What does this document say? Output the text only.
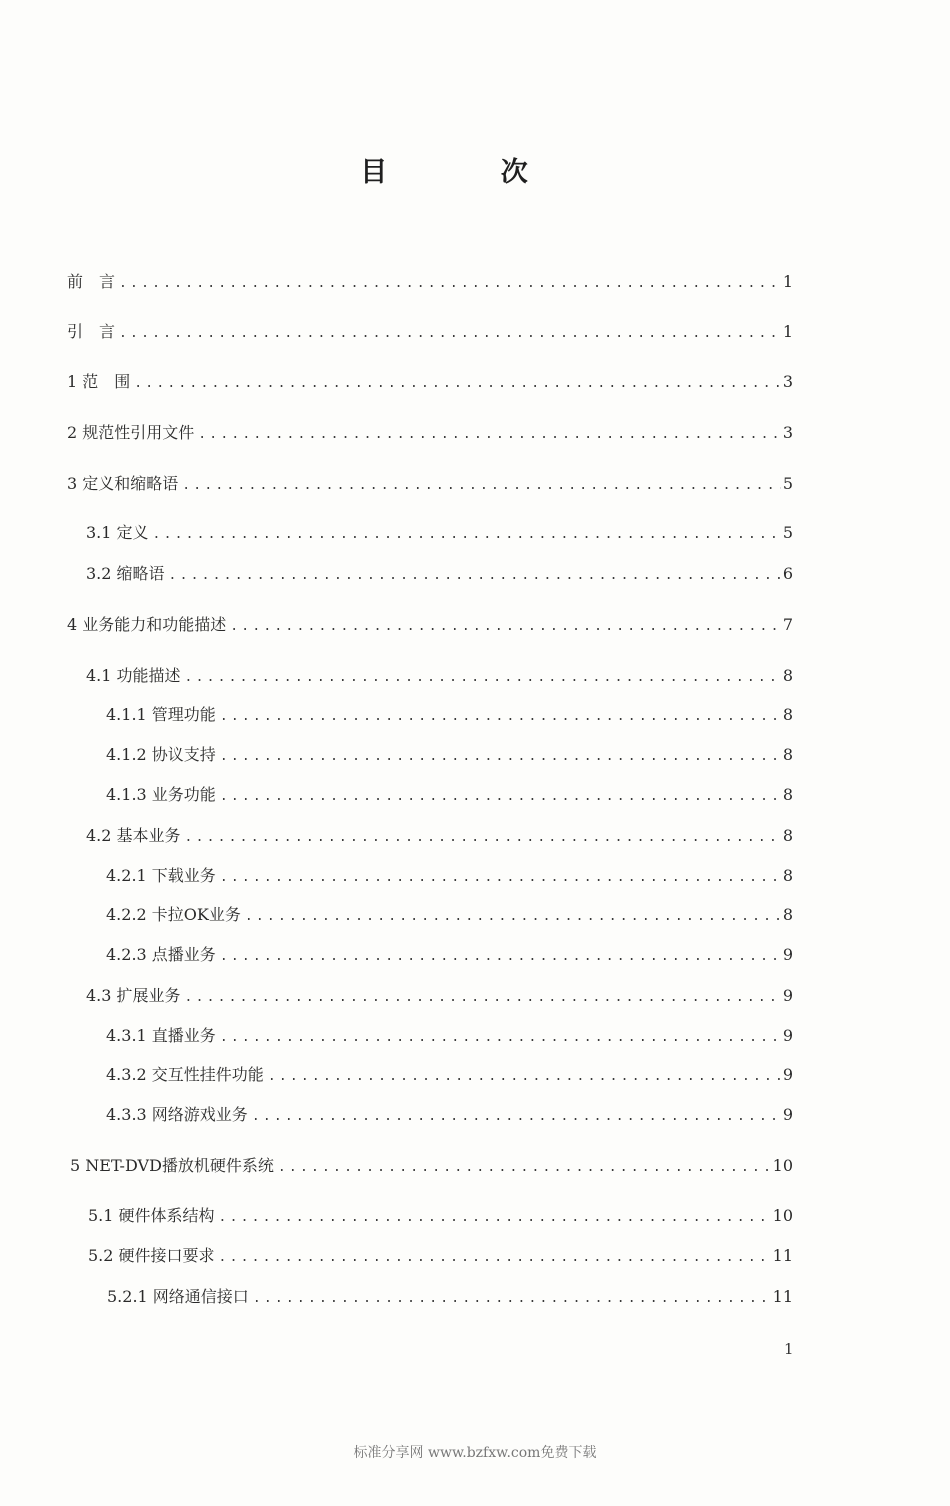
目 次
前　言 .....	1
引　言 .....	1
1 范　围 .....	3
2 规范性引用文件 .....	3
3 定义和缩略语 .....	5
3.1 定义 .....	5
3.2 缩略语 .....	6
4 业务能力和功能描述 .....	7
4.1 功能描述 .....	8
4.1.1 管理功能 .....	8
4.1.2 协议支持 .....	8
4.1.3 业务功能 .....	8
4.2 基本业务 .....	8
4.2.1 下载业务 .....	8
4.2.2 卡拉OK业务 .....	8
4.2.3 点播业务 .....	9
4.3 扩展业务 .....	9
4.3.1 直播业务 .....	9
4.3.2 交互性挂件功能 .....	9
4.3.3 网络游戏业务 .....	9
5 NET-DVD播放机硬件系统 .....	10
5.1 硬件体系结构 .....	10
5.2 硬件接口要求 .....	11
5.2.1 网络通信接口 .....	11
1
标准分享网 www.bzfxw.com免费下载
